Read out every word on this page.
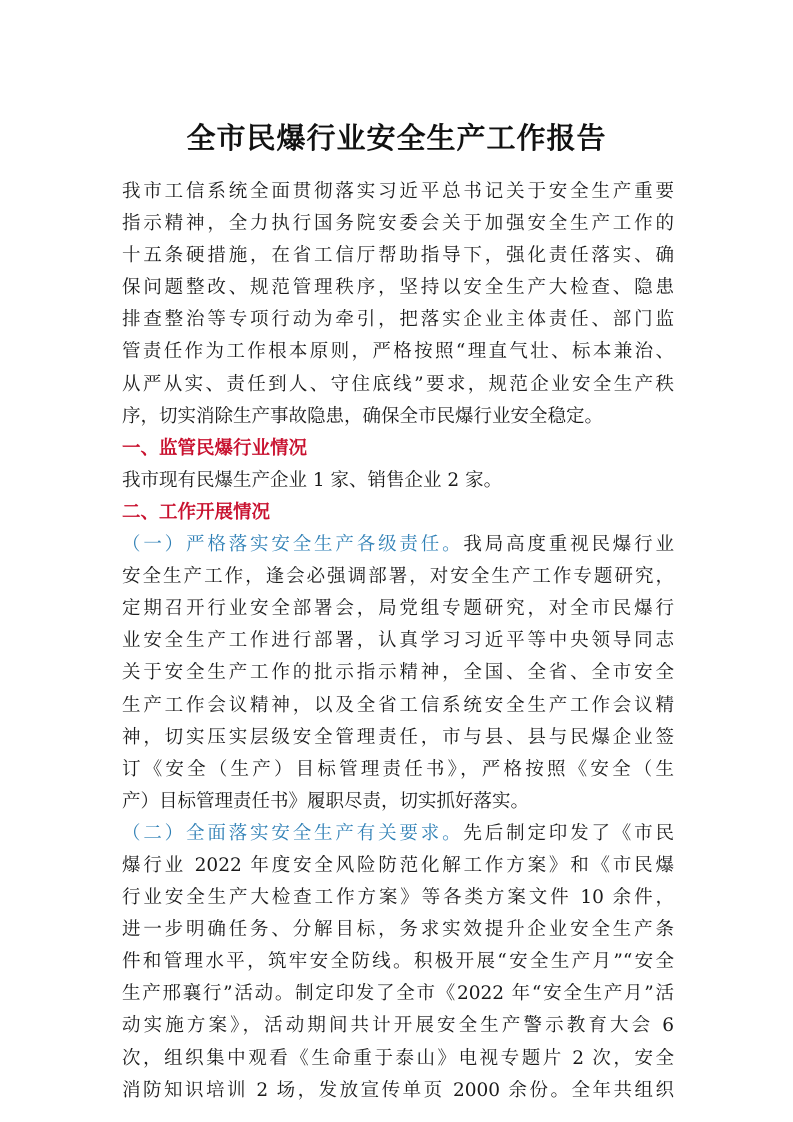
全市民爆行业安全生产工作报告
我市工信系统全面贯彻落实习近平总书记关于安全生产重要
指示精神，全力执行国务院安委会关于加强安全生产工作的
十五条硬措施，在省工信厅帮助指导下，强化责任落实、确
保问题整改、规范管理秩序，坚持以安全生产大检查、隐患
排查整治等专项行动为牵引，把落实企业主体责任、部门监
管责任作为工作根本原则，严格按照“理直气壮、标本兼治、
从严从实、责任到人、守住底线”要求，规范企业安全生产秩
序，切实消除生产事故隐患，确保全市民爆行业安全稳定。
一、监管民爆行业情况
我市现有民爆生产企业 1 家、销售企业 2 家。
二、工作开展情况
（一）严格落实安全生产各级责任。我局高度重视民爆行业
安全生产工作，逢会必强调部署，对安全生产工作专题研究，
定期召开行业安全部署会，局党组专题研究，对全市民爆行
业安全生产工作进行部署，认真学习习近平等中央领导同志
关于安全生产工作的批示指示精神，全国、全省、全市安全
生产工作会议精神，以及全省工信系统安全生产工作会议精
神，切实压实层级安全管理责任，市与县、县与民爆企业签
订《安全（生产）目标管理责任书》，严格按照《安全（生
产）目标管理责任书》履职尽责，切实抓好落实。
（二）全面落实安全生产有关要求。先后制定印发了《市民
爆行业 2022 年度安全风险防范化解工作方案》和《市民爆
行业安全生产大检查工作方案》等各类方案文件 10 余件，
进一步明确任务、分解目标，务求实效提升企业安全生产条
件和管理水平，筑牢安全防线。积极开展“安全生产月”“安全
生产邢襄行”活动。制定印发了全市《2022 年“安全生产月”活
动实施方案》，活动期间共计开展安全生产警示教育大会 6
次，组织集中观看《生命重于泰山》电视专题片 2 次，安全
消防知识培训 2 场，发放宣传单页 2000 余份。全年共组织
